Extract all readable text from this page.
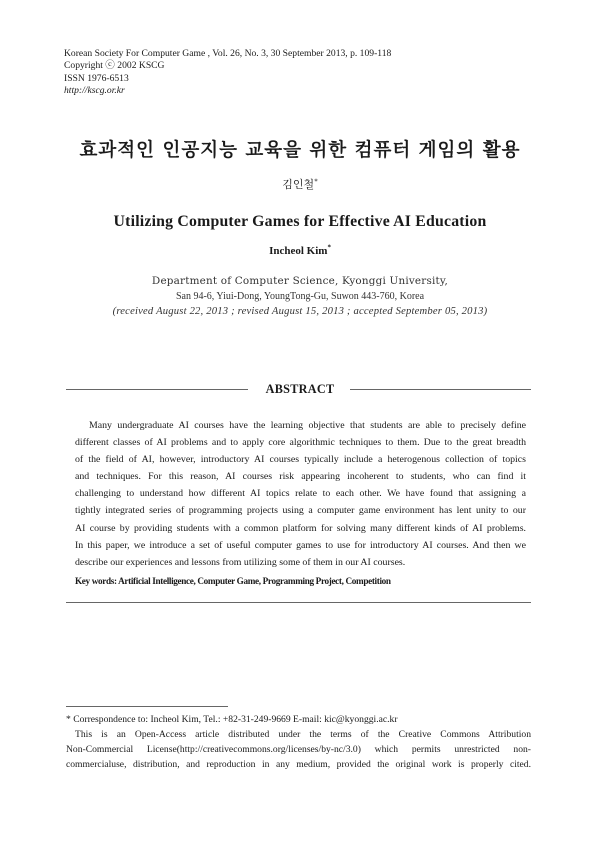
Korean Society For Computer Game , Vol. 26, No. 3, 30 September 2013, p. 109-118
Copyright ⓒ 2002 KSCG
ISSN 1976-6513
http://kscg.or.kr
효과적인 인공지능 교육을 위한 컴퓨터 게임의 활용
김인철*
Utilizing Computer Games for Effective AI Education
Incheol Kim*
Department of Computer Science, Kyonggi University,
San 94-6, Yiui-Dong, YoungTong-Gu, Suwon 443-760, Korea
(received August 22, 2013 ; revised August 15, 2013 ; accepted September 05, 2013)
ABSTRACT
Many undergraduate AI courses have the learning objective that students are able to precisely define
different classes of AI problems and to apply core algorithmic techniques to them. Due to the great breadth
of the field of AI, however, introductory AI courses typically include a heterogenous collection of topics
and techniques. For this reason, AI courses risk appearing incoherent to students, who can find it
challenging to understand how different AI topics relate to each other. We have found that assigning a
tightly integrated series of programming projects using a computer game environment has lent unity to our
AI course by providing students with a common platform for solving many different kinds of AI problems.
In this paper, we introduce a set of useful computer games to use for introductory AI courses. And then we
describe our experiences and lessons from utilizing some of them in our AI courses.
Key words: Artificial Intelligence, Computer Game, Programming Project, Competition
* Correspondence to: Incheol Kim, Tel.: +82-31-249-9669 E-mail: kic@kyonggi.ac.kr
This is an Open-Access article distributed under the terms of the Creative Commons Attribution
Non-Commercial License(http://creativecommons.org/licenses/by-nc/3.0) which permits unrestricted non-
commercialuse, distribution, and reproduction in any medium, provided the original work is properly cited.
